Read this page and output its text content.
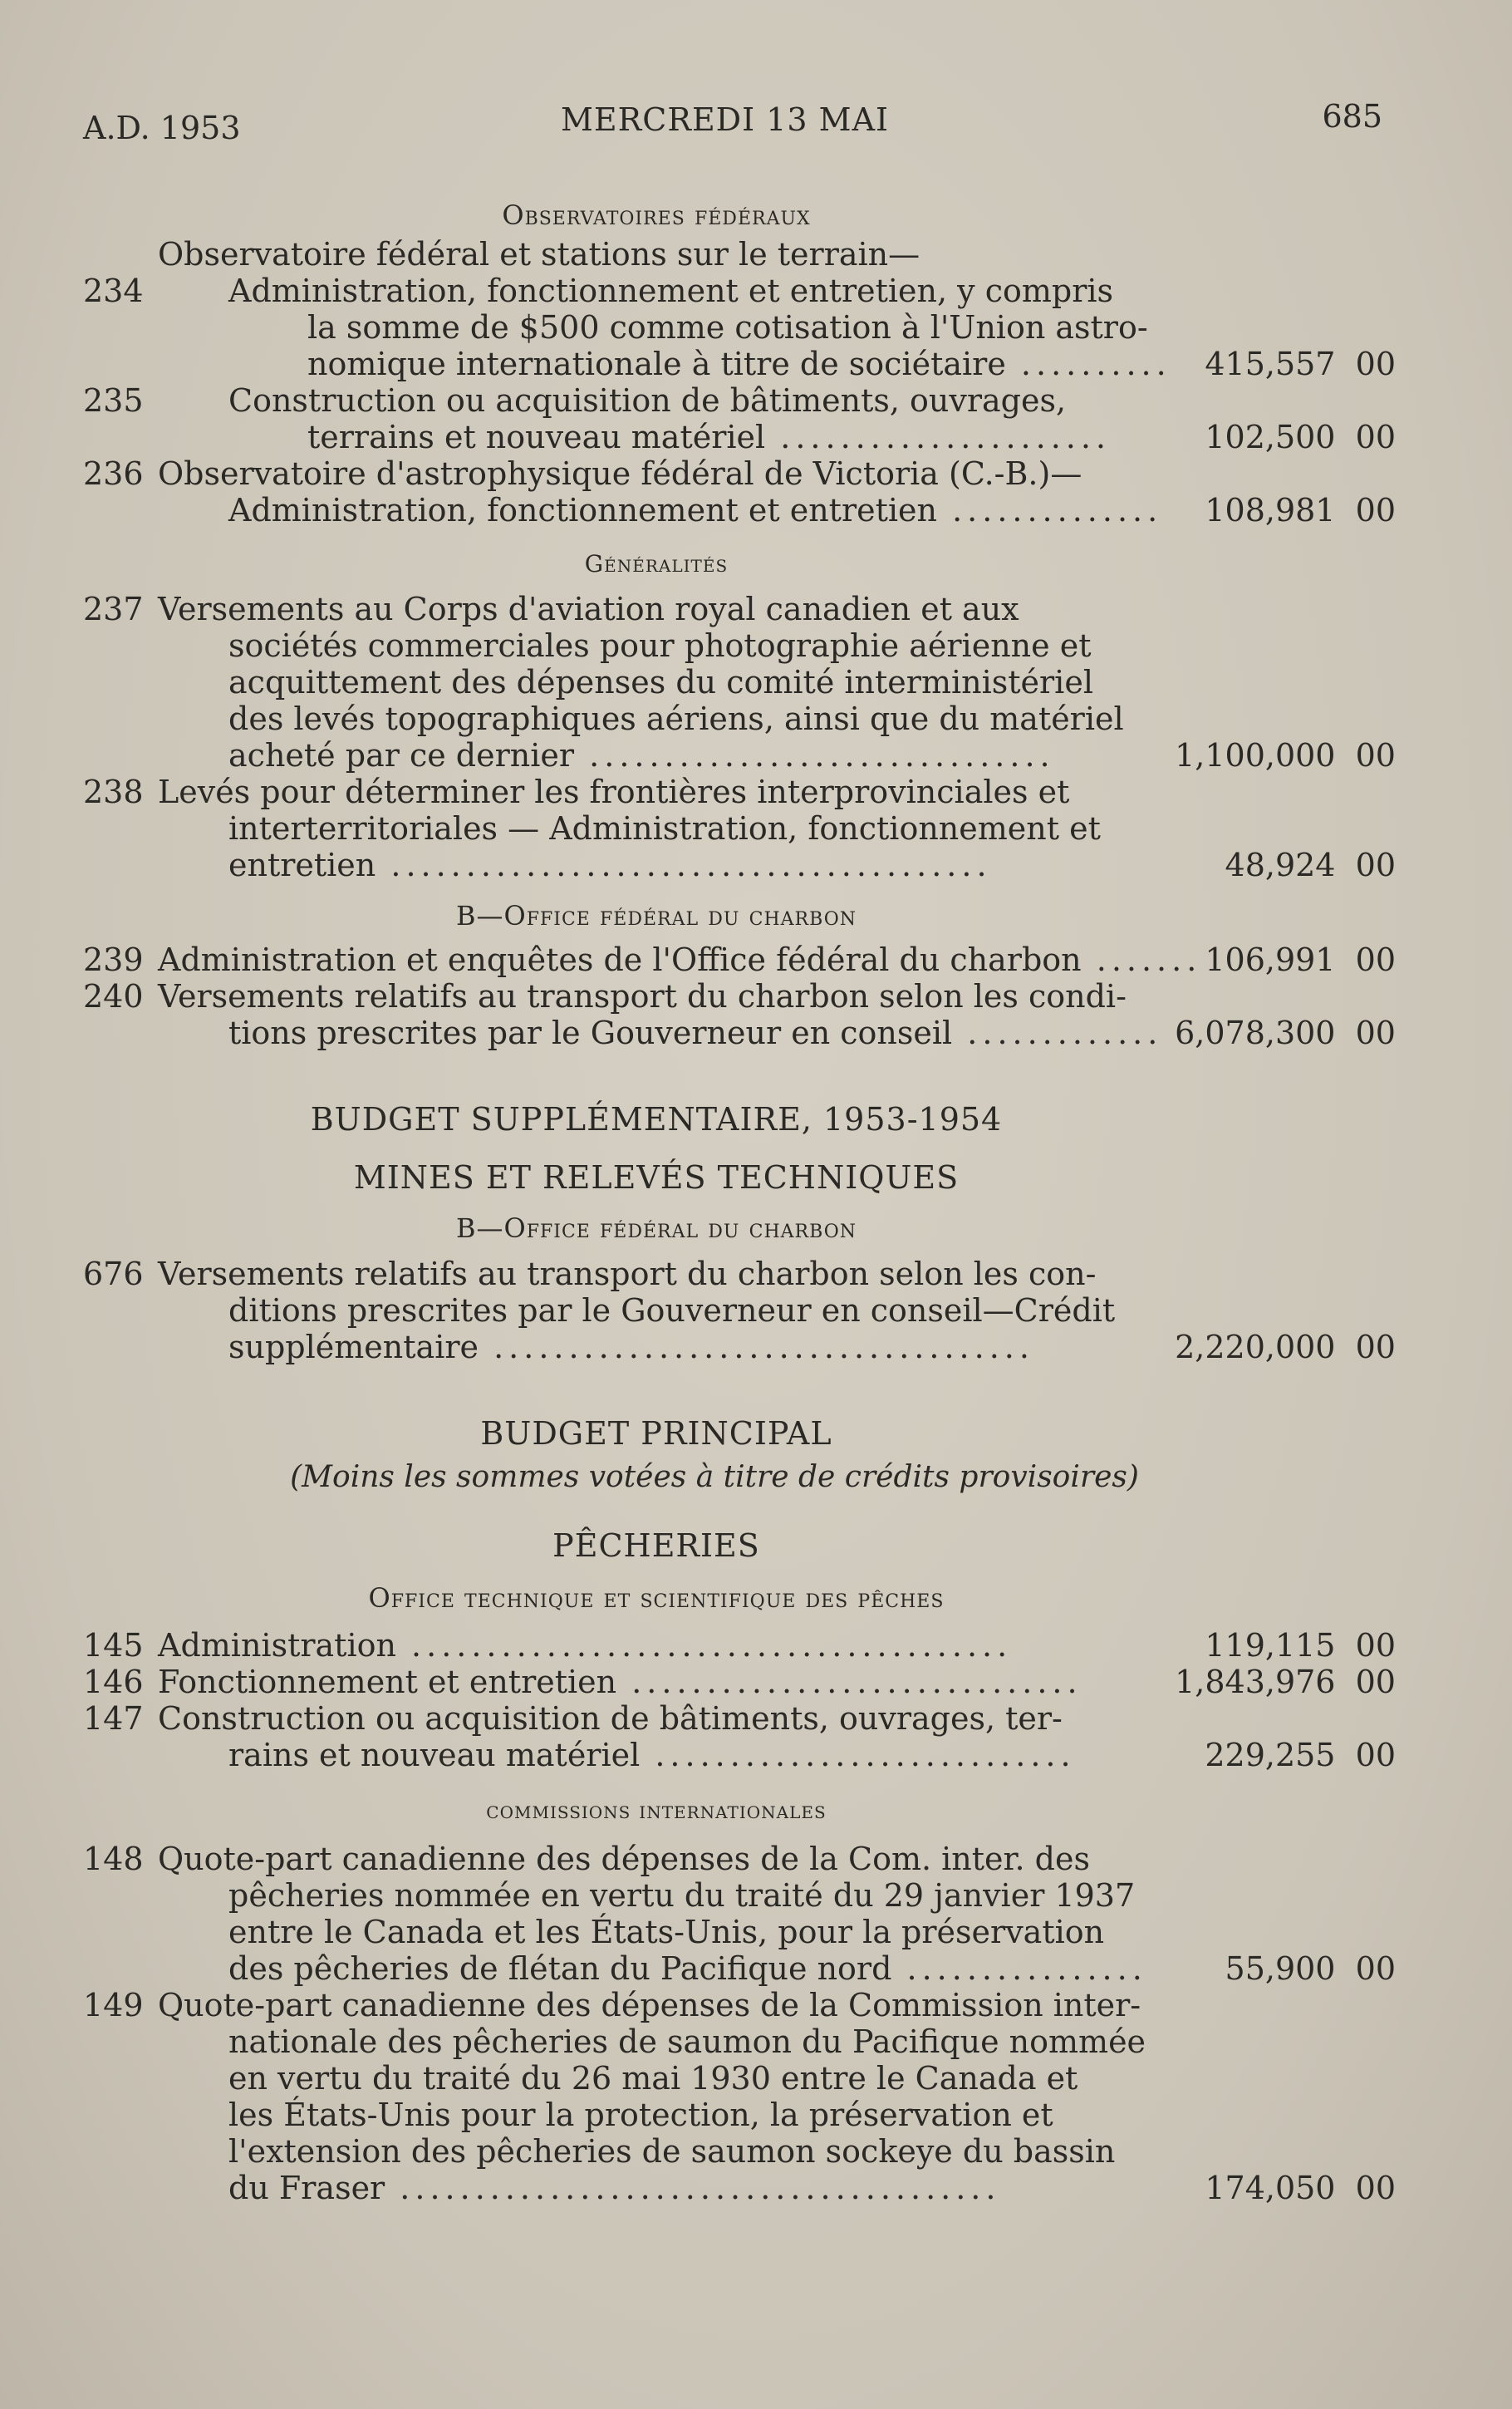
A.D. 1953	MERCREDI 13 MAI	685
Observatoires fédéraux
Observatoire fédéral et stations sur le terrain—
234	Administration, fonctionnement et entretien, y compris
la somme de $500 comme cotisation à l'Union astro-
nomique internationale à titre de sociétaire ..........	415,557  00
235	Construction ou acquisition de bâtiments, ouvrages,
terrains et nouveau matériel ......................	102,500  00
236 Observatoire d'astrophysique fédéral de Victoria (C.-B.)—
Administration, fonctionnement et entretien ..............	108,981  00
Généralités
237 Versements au Corps d'aviation royal canadien et aux
sociétés commerciales pour photographie aérienne et
acquittement des dépenses du comité interministériel
des levés topographiques aériens, ainsi que du matériel
acheté par ce dernier ...............................	1,100,000  00
238 Levés pour déterminer les frontières interprovinciales et
interterritoriales — Administration, fonctionnement et
entretien ........................................	48,924  00
B—Office fédéral du charbon
239 Administration et enquêtes de l'Office fédéral du charbon ....... 106,991  00
240 Versements relatifs au transport du charbon selon les condi-
tions prescrites par le Gouverneur en conseil ............. 6,078,300  00
BUDGET SUPPLÉMENTAIRE, 1953-1954
MINES ET RELEVÉS TECHNIQUES
B—Office fédéral du charbon
676 Versements relatifs au transport du charbon selon les con-
ditions prescrites par le Gouverneur en conseil—Crédit
supplémentaire ....................................	2,220,000  00
BUDGET PRINCIPAL
(Moins les sommes votées à titre de crédits provisoires)
PÊCHERIES
Office technique et scientifique des pêches
145 Administration ........................................	119,115  00
146 Fonctionnement et entretien ..............................	1,843,976  00
147 Construction ou acquisition de bâtiments, ouvrages, ter-
rains et nouveau matériel ............................	229,255  00
commissions internationales
148 Quote-part canadienne des dépenses de la Com. inter. des
pêcheries nommée en vertu du traité du 29 janvier 1937
entre le Canada et les États-Unis, pour la préservation
des pêcheries de flétan du Pacifique nord ................	55,900  00
149 Quote-part canadienne des dépenses de la Commission inter-
nationale des pêcheries de saumon du Pacifique nommée
en vertu du traité du 26 mai 1930 entre le Canada et
les États-Unis pour la protection, la préservation et
l'extension des pêcheries de saumon sockeye du bassin
du Fraser ........................................	174,050  00
